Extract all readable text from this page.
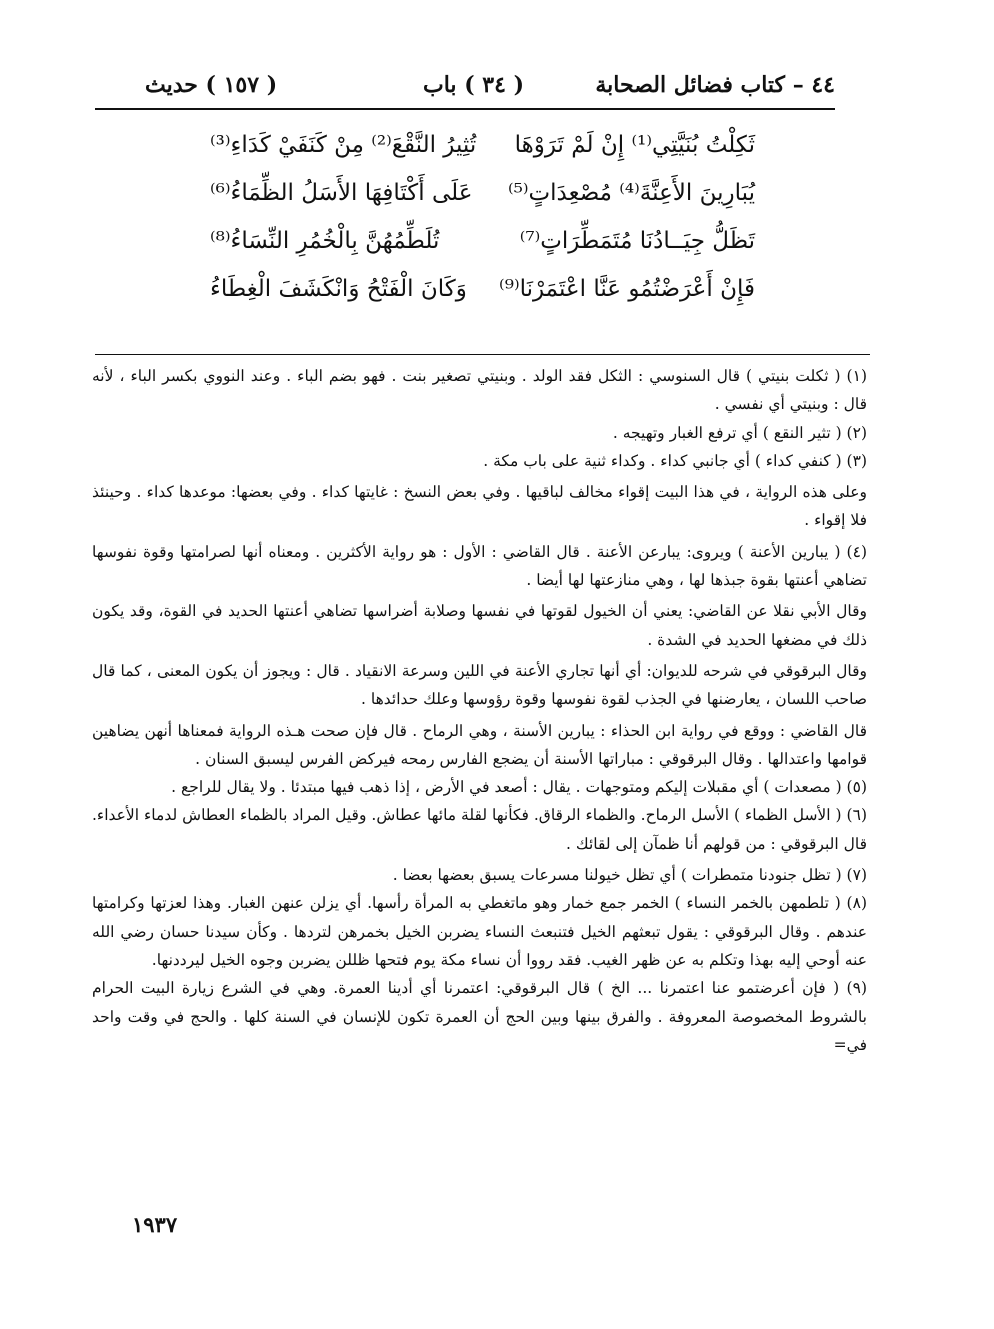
٤٤ – كتاب فضائل الصحابة
( ٣٤ ) باب
( ١٥٧ ) حديث
ثَكِلْتُ بُنَيَّتِي⁽¹⁾ إِنْ لَمْ تَرَوْهَا
تُثِيرُ النَّقْعَ⁽²⁾ مِنْ كَنَفَيْ كَدَاءِ⁽³⁾
يُبَارِينَ الأَعِنَّةَ⁽⁴⁾ مُصْعِدَاتٍ⁽⁵⁾
عَلَى أَكْتَافِهَا الأَسَلُ الظِّمَاءُ⁽⁶⁾
تَظَلُّ جِيَــادُنَا مُتَمَطِّرَاتٍ⁽⁷⁾
تُلَطِّمُهُنَّ بِالْخُمُرِ النِّسَاءُ⁽⁸⁾
فَإِنْ أَعْرَضْتُمُو عَنَّا اعْتَمَرْنَا⁽⁹⁾
وَكَانَ الْفَتْحُ وَانْكَشَفَ الْغِطَاءُ

(١) ( ثكلت بنيتي ) قال السنوسي : الثكل فقد الولد . وبنيتي تصغير بنت . فهو بضم الباء . وعند النووي بكسر الباء ، لأنه قال : وبنيتي أي نفسي .

(٢) ( تثير النقع ) أي ترفع الغبار وتهيجه .

(٣) ( كنفي كداء ) أي جانبي كداء . وكداء ثنية على باب مكة .

وعلى هذه الرواية ، في هذا البيت إقواء مخالف لباقيها . وفي بعض النسخ : غايتها كداء . وفي بعضها: موعدها كداء . وحينئذ فلا إقواء .

(٤) ( يبارين الأعنة ) ويروى: يبارعن الأعنة . قال القاضي : الأول : هو رواية الأكثرين . ومعناه أنها لصرامتها وقوة نفوسها تضاهي أعنتها بقوة جبذها لها ، وهي منازعتها لها أيضا .

وقال الأبي نقلا عن القاضي: يعني أن الخيول لقوتها في نفسها وصلابة أضراسها تضاهي أعنتها الحديد في القوة، وقد يكون ذلك في مضغها الحديد في الشدة .

وقال البرقوقي في شرحه للديوان: أي أنها تجاري الأعنة في اللين وسرعة الانقياد . قال : ويجوز أن يكون المعنى ، كما قال صاحب اللسان ، يعارضنها في الجذب لقوة نفوسها وقوة رؤوسها وعلك حدائدها .

قال القاضي : ووقع في رواية ابن الحذاء : يبارين الأسنة ، وهي الرماح . قال فإن صحت هـذه الرواية فمعناها أنهن يضاهين قوامها واعتدالها . وقال البرقوقي : مباراتها الأسنة أن يضجع الفارس رمحه فيركض الفرس ليسبق السنان .

(٥) ( مصعدات ) أي مقبلات إليكم ومتوجهات . يقال : أصعد في الأرض ، إذا ذهب فيها مبتدئا . ولا يقال للراجع .

(٦) ( الأسل الظماء ) الأسل الرماح. والظماء الرقاق. فكأنها لقلة مائها عطاش. وقيل المراد بالظماء العطاش لدماء الأعداء. قال البرقوقي : من قولهم أنا ظمآن إلى لقائك .

(٧) ( تظل جنودنا متمطرات ) أي تظل خيولنا مسرعات يسبق بعضها بعضا .

(٨) ( تلطمهن بالخمر النساء ) الخمر جمع خمار وهو ماتغطي به المرأة رأسها. أي يزلن عنهن الغبار. وهذا لعزتها وكرامتها عندهم . وقال البرقوقي : يقول تبعثهم الخيل فتنبعث النساء يضربن الخيل بخمرهن لتردها . وكأن سيدنا حسان رضي الله عنه أوحي إليه بهذا وتكلم به عن ظهر الغيب. فقد رووا أن نساء مكة يوم فتحها ظللن يضربن وجوه الخيل ليرددنها.

(٩) ( فإن أعرضتمو عنا اعتمرنا ... الخ ) قال البرقوقي: اعتمرنا أي أدينا العمرة. وهي في الشرع زيارة البيت الحرام بالشروط المخصوصة المعروفة . والفرق بينها وبين الحج أن العمرة تكون للإنسان في السنة كلها . والحج في وقت واحد في=

١٩٣٧
